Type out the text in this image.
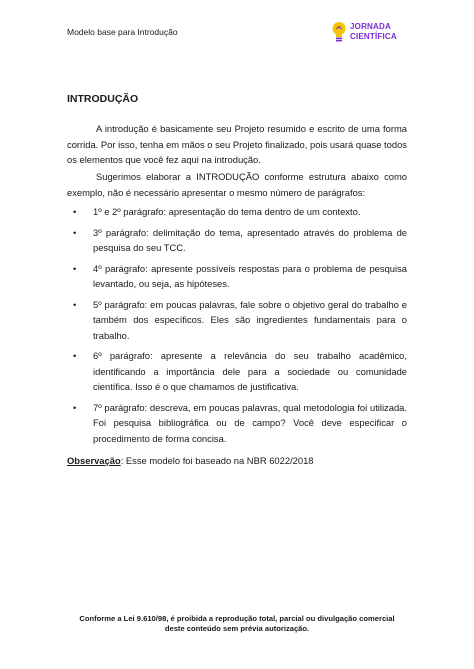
Modelo base para Introdução
JORNADA
CIENTÍFICA
INTRODUÇÃO

A introdução é basicamente seu Projeto resumido e escrito de uma forma corrida. Por isso, tenha em mãos o seu Projeto finalizado, pois usará quase todos os elementos que você fez aqui na introdução.

Sugerimos elaborar a INTRODUÇÃO conforme estrutura abaixo como exemplo, não é necessário apresentar o mesmo número de parágrafos:

• 1º e 2º parágrafo: apresentação do tema dentro de um contexto.
• 3º parágrafo: delimitação do tema, apresentado através do problema de pesquisa do seu TCC.
• 4º parágrafo: apresente possíveis respostas para o problema de pesquisa levantado, ou seja, as hipóteses.
• 5º parágrafo: em poucas palavras, fale sobre o objetivo geral do trabalho e também dos específicos. Eles são ingredientes fundamentais para o trabalho.
• 6º parágrafo: apresente a relevância do seu trabalho acadêmico, identificando a importância dele para a sociedade ou comunidade científica. Isso é o que chamamos de justificativa.
• 7º parágrafo: descreva, em poucas palavras, qual metodologia foi utilizada. Foi pesquisa bibliográfica ou de campo? Você deve especificar o procedimento de forma concisa.
Observação: Esse modelo foi baseado na NBR 6022/2018
Conforme a Lei 9.610/98, é proibida a reprodução total, parcial ou divulgação comercial
deste conteúdo sem prévia autorização.
